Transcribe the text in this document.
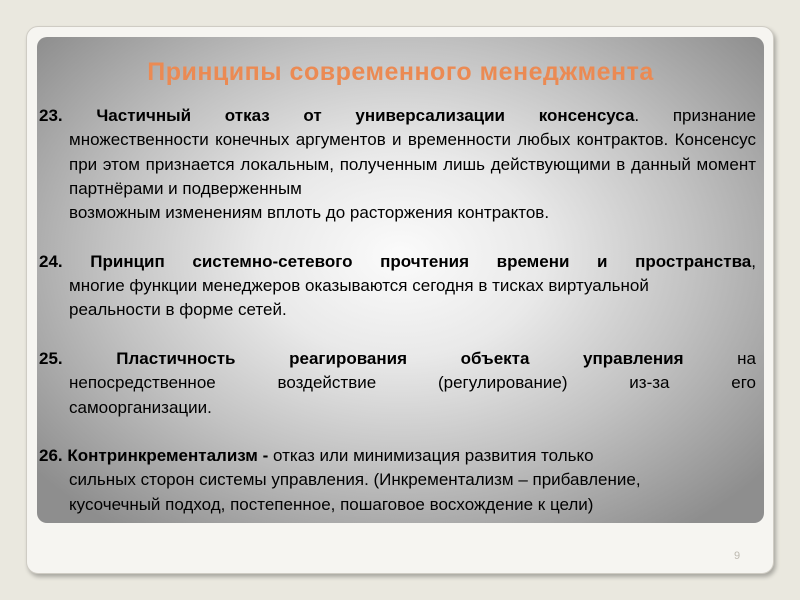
Принципы современного менеджмента

23. Частичный отказ от универсализации консенсуса. признание
множественности конечных аргументов и временности любых контрактов. Консенсус при этом признается локальным, полученным лишь действующими в данный момент партнёрами и подверженным
возможным изменениям вплоть до расторжения контрактов.

24. Принцип системно-сетевого прочтения времени и пространства,
многие функции менеджеров оказываются сегодня в тисках виртуальной
реальности в форме сетей.

25.	Пластичность реагирования объекта управления	на
непосредственное воздействие (регулирование) из-за его
самоорганизации.

26. Контринкрементализм - отказ или минимизация развития только
сильных сторон системы управления. (Инкрементализм – прибавление,
кусочечный подход, постепенное, пошаговое восхождение к цели)

9
